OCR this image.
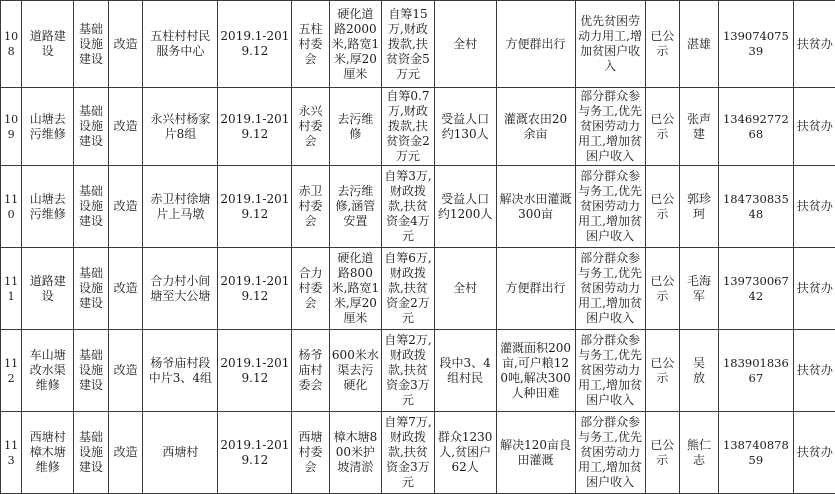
108	道路建设	基础设施建设	改造	五柱村村民服务中心	2019.1-2019.12	五柱村委会	硬化道路2000米,路宽1米,厚20厘米	自筹15万,财政拨款,扶贫资金5万元	全村	方便群出行	优先贫困劳动力用工,增加贫困户收入	已公示	湛雄	13907407539	扶贫办
109	山塘去污维修	基础设施建设	改造	永兴村杨家片8组	2019.1-2019.12	永兴村委会	去污维修	自筹0.7万,财政拨款,扶贫资金2万元	受益人口约130人	灌溉农田20余亩	部分群众参与务工,优先贫困劳动力用工,增加贫困户收入	已公示	张声建	13469277268	扶贫办
110	山塘去污维修	基础设施建设	改造	赤卫村徐塘片上马墩	2019.1-2019.12	赤卫村委会	去污维修,涵管安置	自筹3万,财政拨款,扶贫资金4万元	受益人口约1200人	解决水田灌溉300亩	部分群众参与务工,优先贫困劳动力用工,增加贫困户收入	已公示	郭珍珂	18473083548	扶贫办
111	道路建设	基础设施建设	改造	合力村小间塘至大公塘	2019.1-2019.12	合力村委会	硬化道路800米,路宽1米,厚20厘米	自筹6万,财政拨款,扶贫资金2万元	全村	方便群出行	部分群众参与务工,优先贫困劳动力用工,增加贫困户收入	已公示	毛海军	13973006742	扶贫办
112	车山塘改水渠维修	基础设施建设	改造	杨爷庙村段中片3、4组	2019.1-2019.12	杨爷庙村委会	600米水渠去污硬化	自筹2万,财政拨款,扶贫资金3万元	段中3、4组村民	灌溉面积200亩,可户粮120吨,解决300人种田难	部分群众参与务工,优先贫困劳动力用工,增加贫困户收入	已公示	吴　放	18390183667	扶贫办
113	西塘村樟木塘维修	基础设施建设	改造	西塘村	2019.1-2019.12	西塘村委会	樟木塘800米护坡清淤	自筹7万,财政拨款,扶贫资金3万元	群众1230人,贫困户62人	解决120亩良田灌溉	部分群众参与务工,优先贫困劳动力用工,增加贫困户收入	已公示	熊仁志	13874087859	扶贫办
